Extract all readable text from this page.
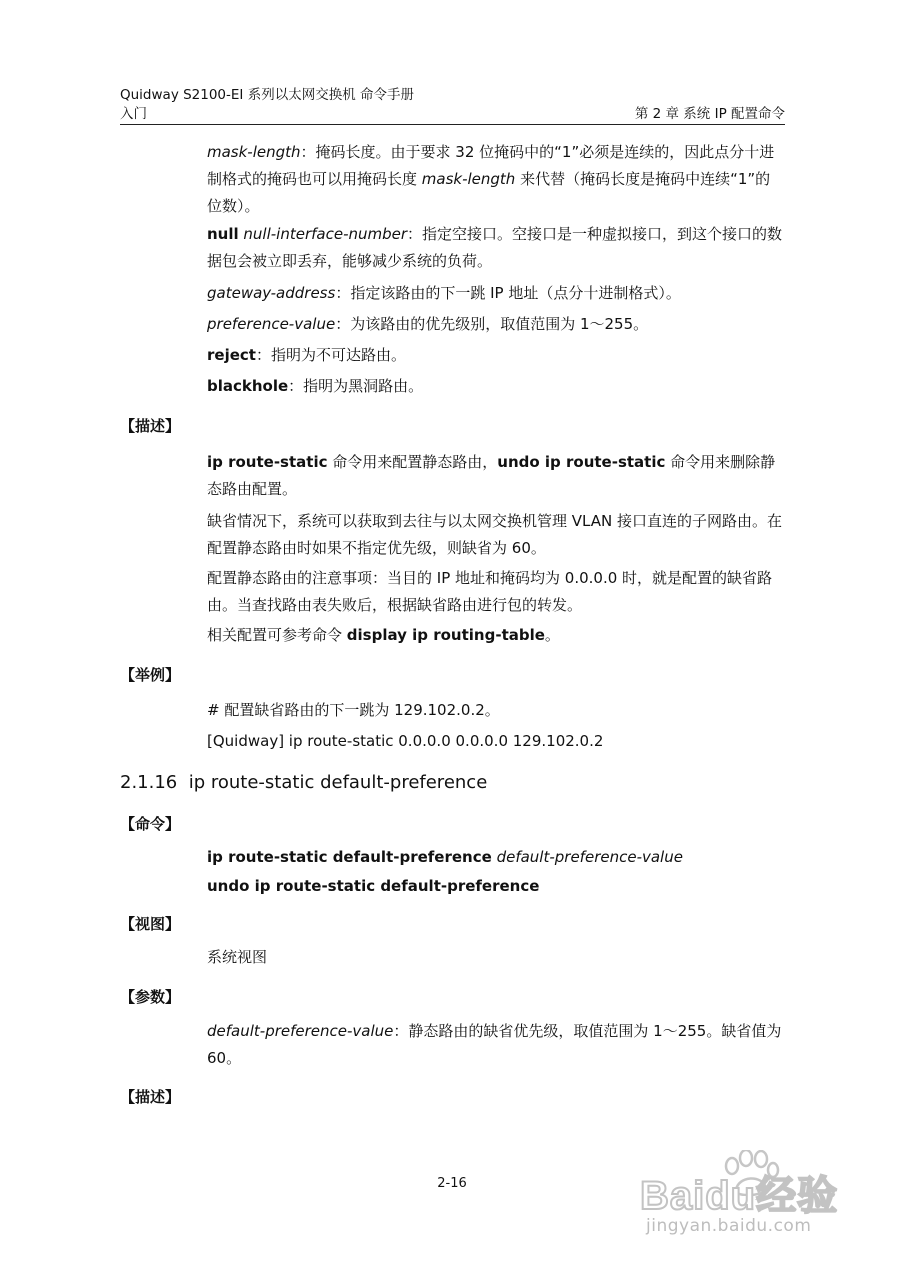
Quidway S2100-EI 系列以太网交换机 命令手册
入门	第 2 章 系统 IP 配置命令
mask-length：掩码长度。由于要求 32 位掩码中的“1”必须是连续的，因此点分十进制格式的掩码也可以用掩码长度 mask-length 来代替（掩码长度是掩码中连续“1”的位数）。
null null-interface-number：指定空接口。空接口是一种虚拟接口，到这个接口的数据包会被立即丢弃，能够减少系统的负荷。
gateway-address：指定该路由的下一跳 IP 地址（点分十进制格式）。
preference-value：为该路由的优先级别，取值范围为 1～255。
reject：指明为不可达路由。
blackhole：指明为黑洞路由。
【描述】
ip route-static 命令用来配置静态路由，undo ip route-static 命令用来删除静态路由配置。
缺省情况下，系统可以获取到去往与以太网交换机管理 VLAN 接口直连的子网路由。在配置静态路由时如果不指定优先级，则缺省为 60。
配置静态路由的注意事项：当目的 IP 地址和掩码均为 0.0.0.0 时，就是配置的缺省路由。当查找路由表失败后，根据缺省路由进行包的转发。
相关配置可参考命令 display ip routing-table。
【举例】
# 配置缺省路由的下一跳为 129.102.0.2。
[Quidway] ip route-static 0.0.0.0 0.0.0.0 129.102.0.2
2.1.16 ip route-static default-preference
【命令】
ip route-static default-preference default-preference-value
undo ip route-static default-preference
【视图】
系统视图
【参数】
default-preference-value：静态路由的缺省优先级，取值范围为 1～255。缺省值为 60。
【描述】
2-16	Baidu经验
jingyan.baidu.com
